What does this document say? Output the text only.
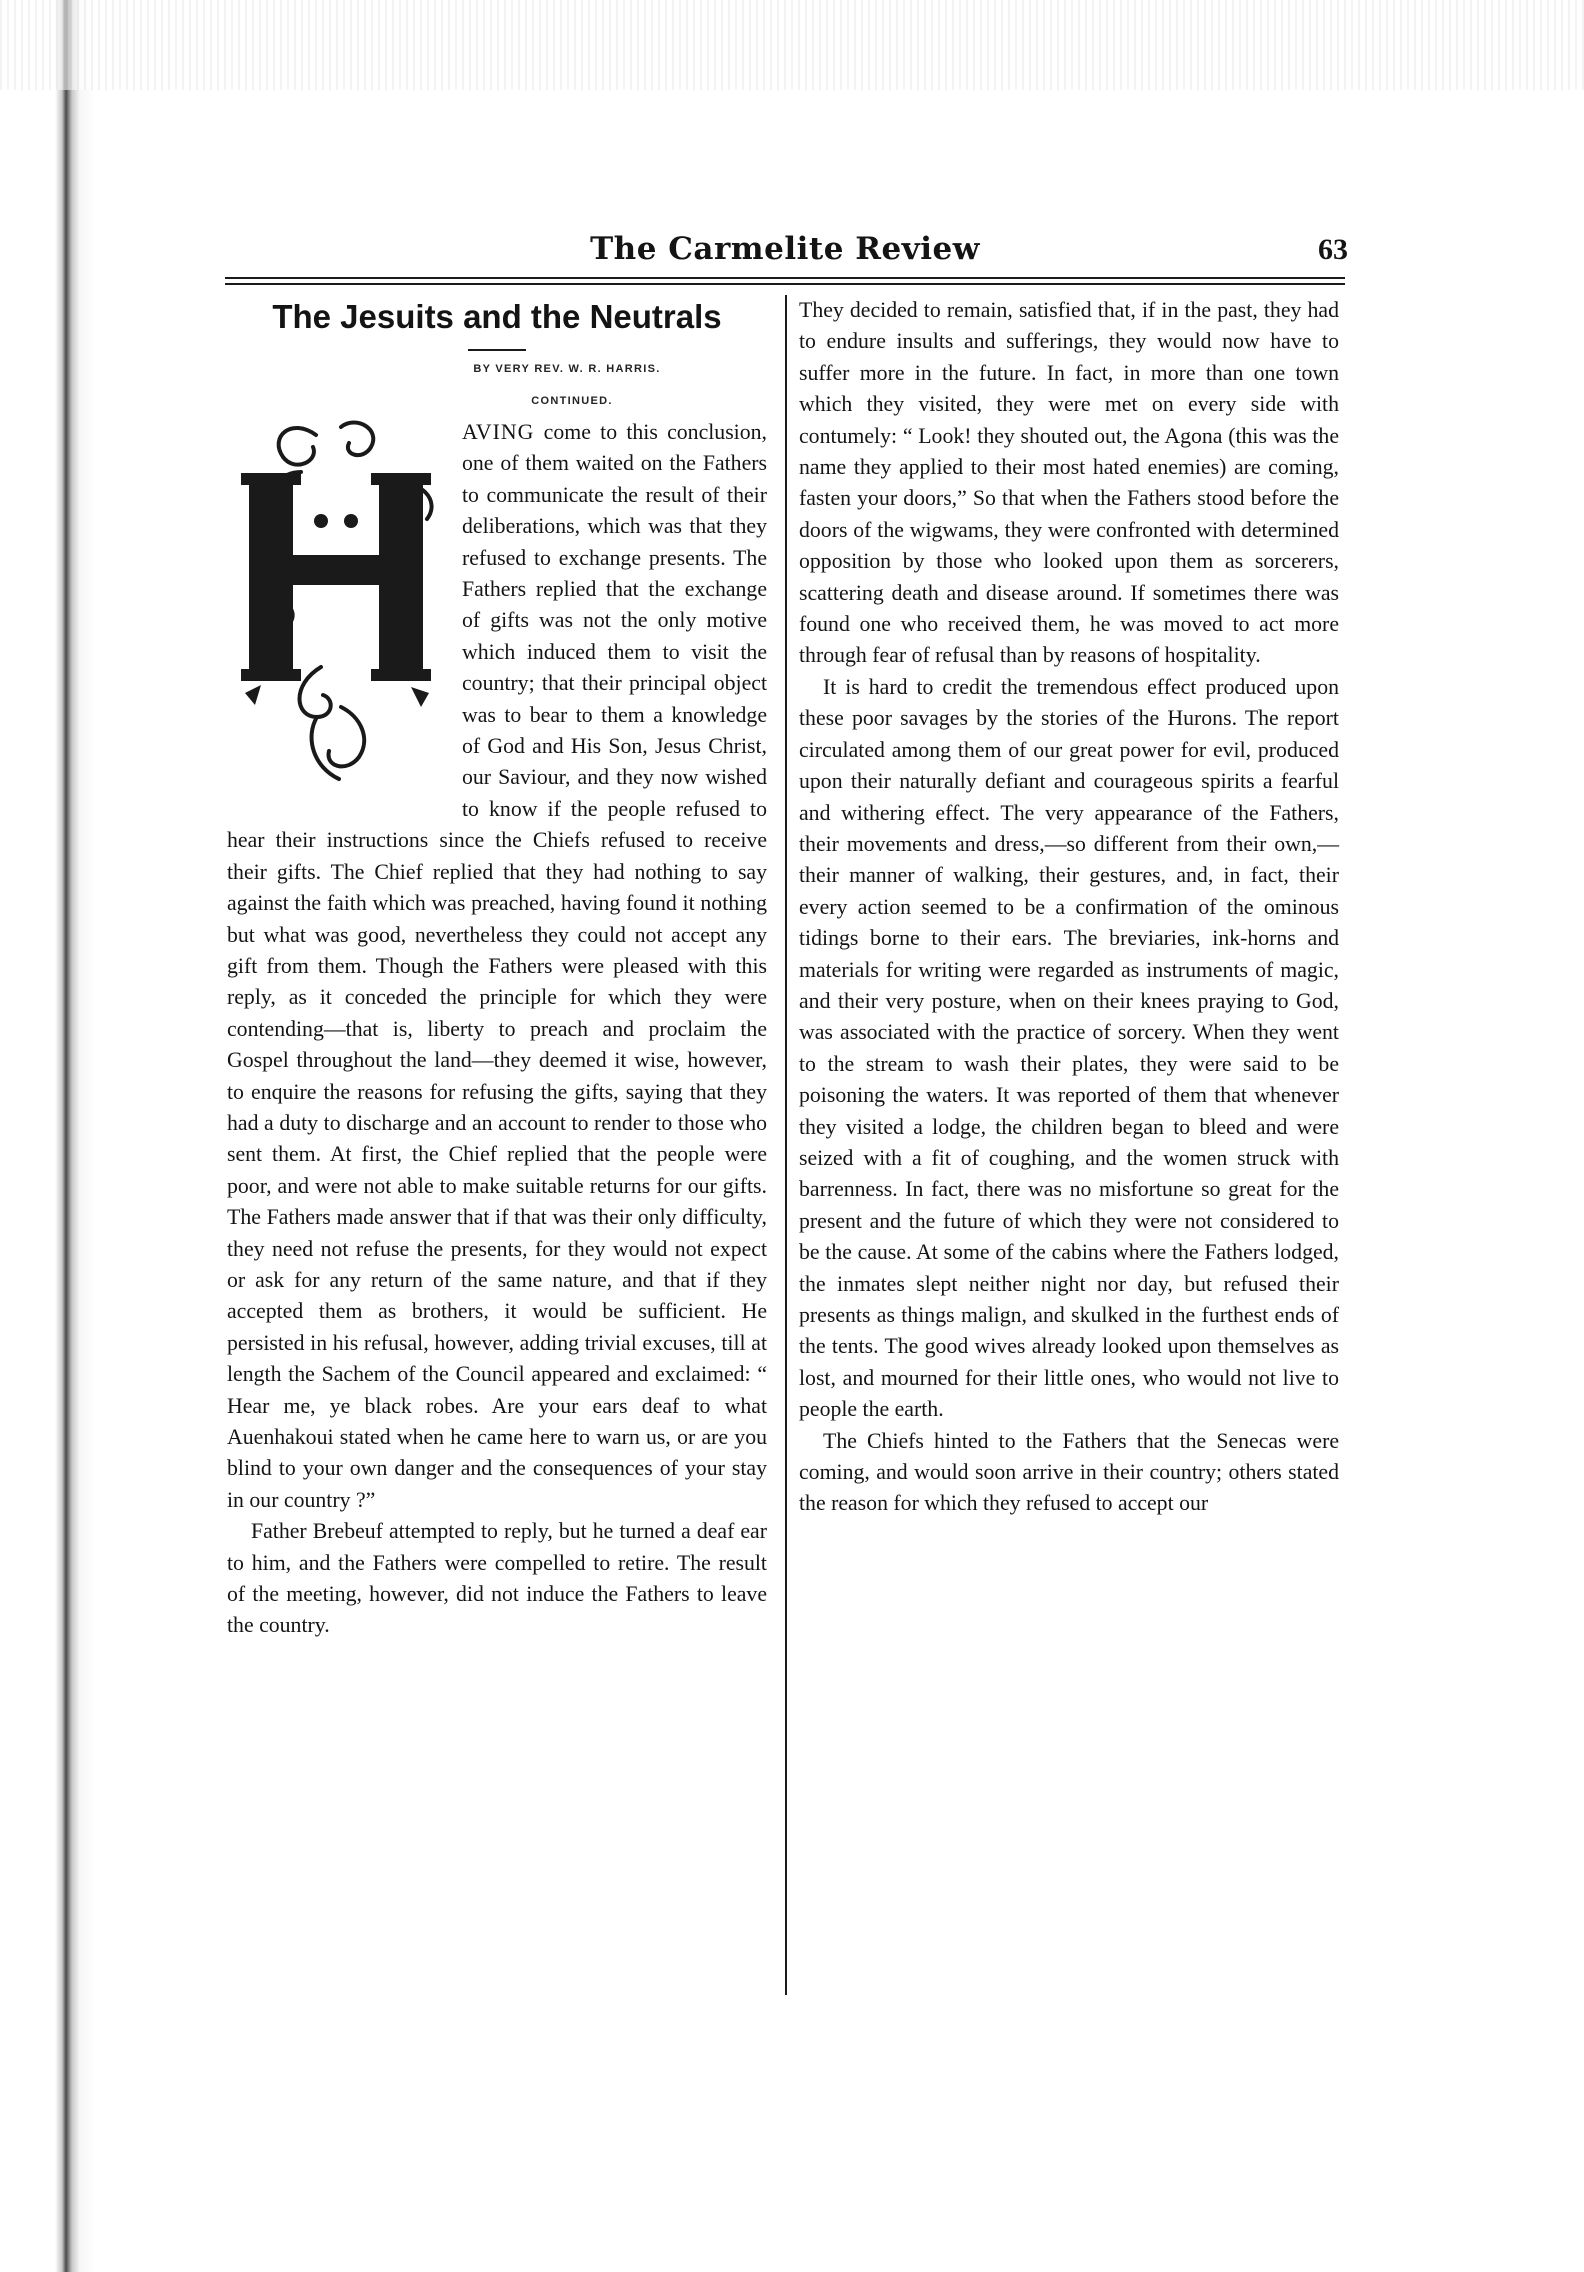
The Carmelite Review	63
The Jesuits and the Neutrals

BY VERY REV. W. R. HARRIS.

CONTINUED.

AVING come to this conclusion, one of them waited on the Fathers to communicate the result of their deliberations, which was that they refused to exchange presents. The Fathers replied that the exchange of gifts was not the only motive which induced them to visit the country; that their principal object was to bear to them a knowledge of God and His Son, Jesus Christ, our Saviour, and they now wished to know if the people refused to hear their instructions since the Chiefs refused to receive their gifts. The Chief replied that they had nothing to say against the faith which was preached, having found it nothing but what was good, nevertheless they could not accept any gift from them. Though the Fathers were pleased with this reply, as it conceded the principle for which they were contending—that is, liberty to preach and proclaim the Gospel throughout the land—they deemed it wise, however, to enquire the reasons for refusing the gifts, saying that they had a duty to discharge and an account to render to those who sent them. At first, the Chief replied that the people were poor, and were not able to make suitable returns for our gifts. The Fathers made answer that if that was their only difficulty, they need not refuse the presents, for they would not expect or ask for any return of the same nature, and that if they accepted them as brothers, it would be sufficient. He persisted in his refusal, however, adding trivial excuses, till at length the Sachem of the Council appeared and exclaimed: “ Hear me, ye black robes. Are your ears deaf to what Auenhakoui stated when he came here to warn us, or are you blind to your own danger and the consequences of your stay in our country ?”

Father Brebeuf attempted to reply, but he turned a deaf ear to him, and the Fathers were compelled to retire. The result of the meeting, however, did not induce the Fathers to leave the country.

They decided to remain, satisfied that, if in the past, they had to endure insults and sufferings, they would now have to suffer more in the future. In fact, in more than one town which they visited, they were met on every side with contumely: “ Look! they shouted out, the Agona (this was the name they applied to their most hated enemies) are coming, fasten your doors,” So that when the Fathers stood before the doors of the wigwams, they were confronted with determined opposition by those who looked upon them as sorcerers, scattering death and disease around. If sometimes there was found one who received them, he was moved to act more through fear of refusal than by reasons of hospitality.

It is hard to credit the tremendous effect produced upon these poor savages by the stories of the Hurons. The report circulated among them of our great power for evil, produced upon their naturally defiant and courageous spirits a fearful and withering effect. The very appearance of the Fathers, their movements and dress,—so different from their own,—their manner of walking, their gestures, and, in fact, their every action seemed to be a confirmation of the ominous tidings borne to their ears. The breviaries, ink-horns and materials for writing were regarded as instruments of magic, and their very posture, when on their knees praying to God, was associated with the practice of sorcery. When they went to the stream to wash their plates, they were said to be poisoning the waters. It was reported of them that whenever they visited a lodge, the children began to bleed and were seized with a fit of coughing, and the women struck with barrenness. In fact, there was no misfortune so great for the present and the future of which they were not considered to be the cause. At some of the cabins where the Fathers lodged, the inmates slept neither night nor day, but refused their presents as things malign, and skulked in the furthest ends of the tents. The good wives already looked upon themselves as lost, and mourned for their little ones, who would not live to people the earth.

The Chiefs hinted to the Fathers that the Senecas were coming, and would soon arrive in their country; others stated the reason for which they refused to accept our
